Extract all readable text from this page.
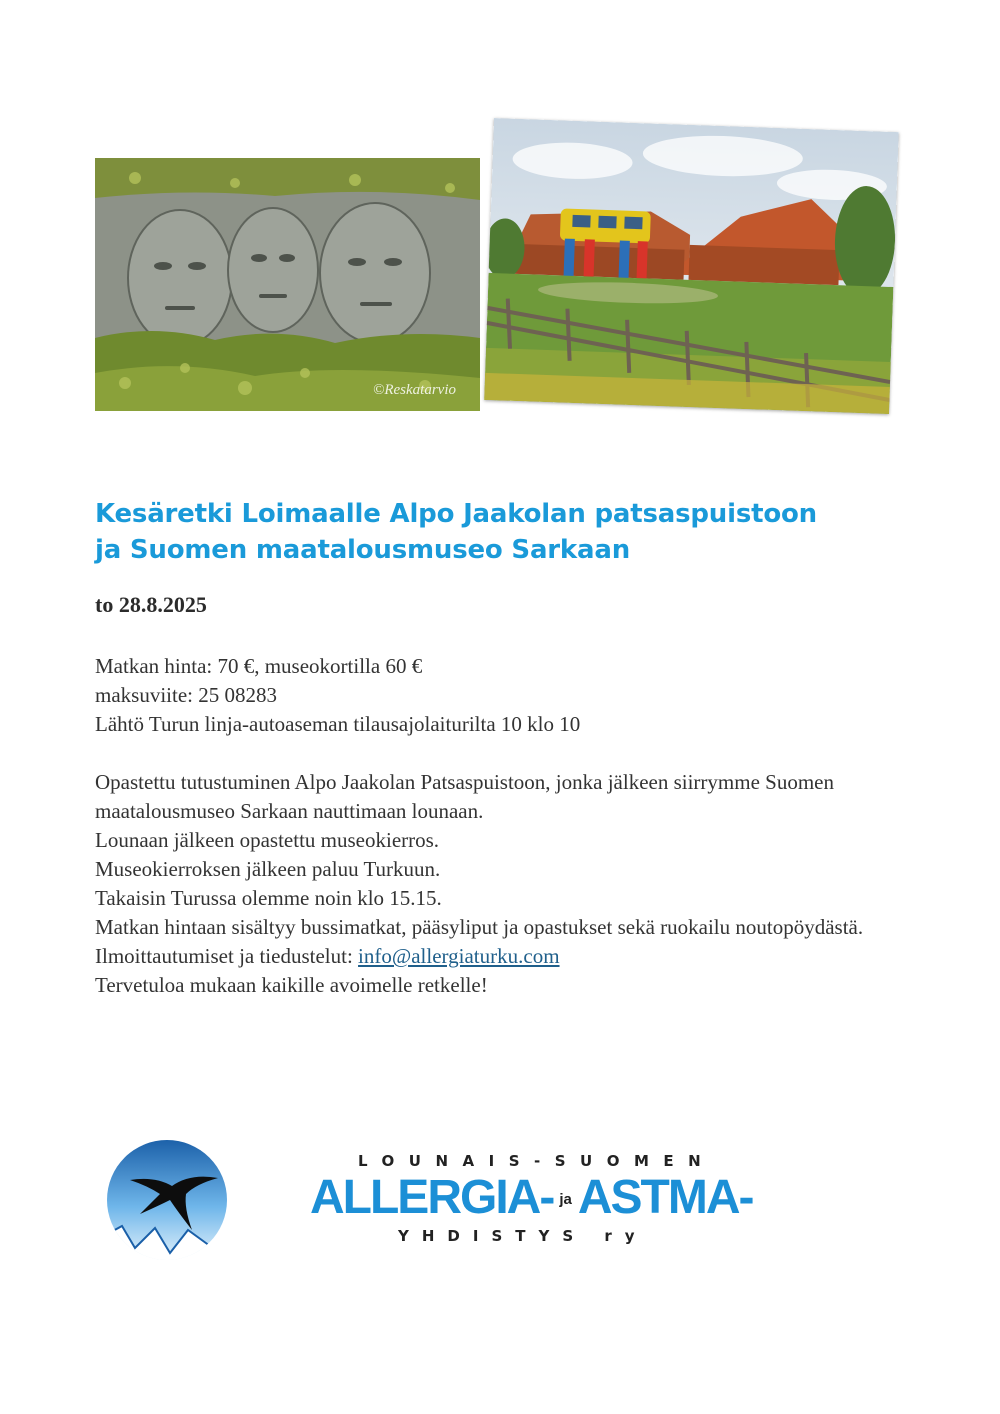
©Reskatarvio
Kesäretki Loimaalle Alpo Jaakolan patsaspuistoon
ja Suomen maatalousmuseo Sarkaan
to 28.8.2025

Matkan hinta: 70 €, museokortilla 60 €

maksuviite: 25 08283

Lähtö Turun linja-autoaseman tilausajolaiturilta 10 klo 10

Opastettu tutustuminen Alpo Jaakolan Patsaspuistoon, jonka jälkeen siirrymme Suomen maatalousmuseo Sarkaan nauttimaan lounaan.

Lounaan jälkeen opastettu museokierros.

Museokierroksen jälkeen paluu Turkuun.

Takaisin Turussa olemme noin klo 15.15.

Matkan hintaan sisältyy bussimatkat, pääsyliput ja opastukset sekä ruokailu noutopöydästä.

Ilmoittautumiset ja tiedustelut: info@allergiaturku.com

Tervetuloa mukaan kaikille avoimelle retkelle!

LOUNAIS-SUOMEN
ALLERGIA- ja ASTMA-
YHDISTYS ry
